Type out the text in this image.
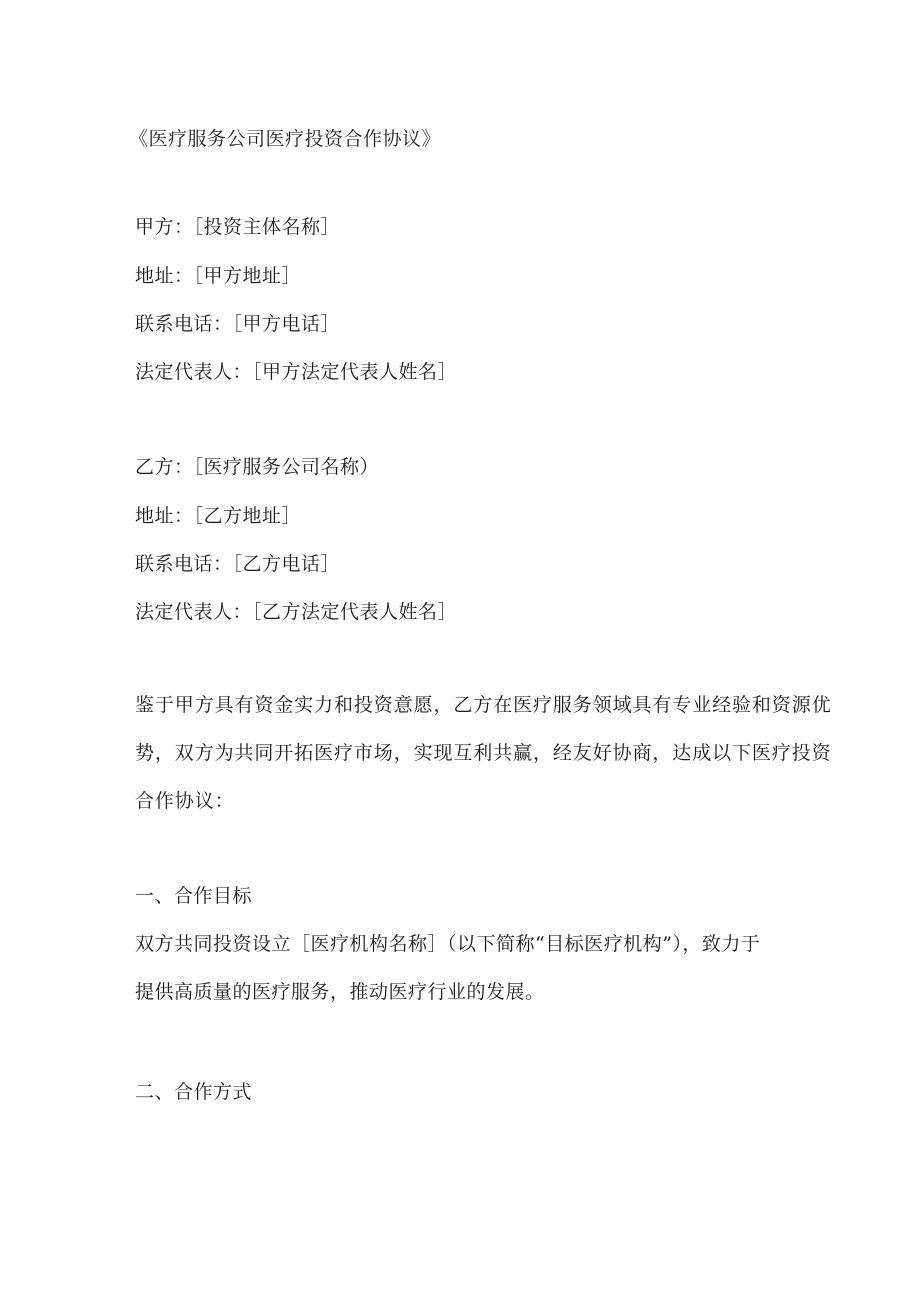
《医疗服务公司医疗投资合作协议》
甲方：［投资主体名称］
地址：［甲方地址］
联系电话：［甲方电话］
法定代表人：［甲方法定代表人姓名］
乙方：［医疗服务公司名称）
地址：［乙方地址］
联系电话：［乙方电话］
法定代表人：［乙方法定代表人姓名］
鉴于甲方具有资金实力和投资意愿，乙方在医疗服务领域具有专业经验和资源优
势，双方为共同开拓医疗市场，实现互利共赢，经友好协商，达成以下医疗投资
合作协议：
一、合作目标
双方共同投资设立［医疗机构名称］（以下简称“目标医疗机构”），致力于
提供高质量的医疗服务，推动医疗行业的发展。
二、合作方式
